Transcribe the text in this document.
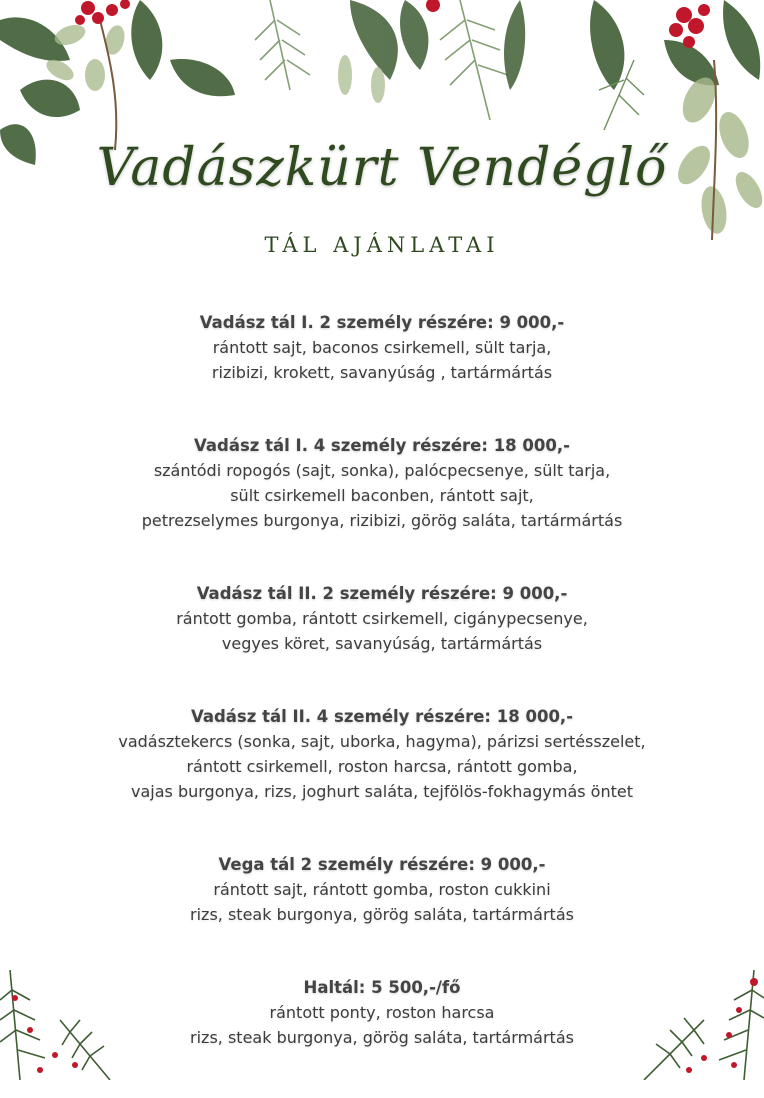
Vadászkürt Vendéglő
TÁL AJÁNLATAI
Vadász tál I. 2 személy részére: 9 000,-
rántott sajt, baconos csirkemell, sült tarja,
rizibizi, krokett, savanyúság , tartármártás
Vadász tál I. 4 személy részére: 18 000,-
szántódi ropogós (sajt, sonka), palócpecsenye, sült tarja,
sült csirkemell baconben, rántott sajt,
petrezselymes burgonya, rizibizi, görög saláta, tartármártás
Vadász tál II. 2 személy részére: 9 000,-
rántott gomba, rántott csirkemell, cigánypecsenye,
vegyes köret, savanyúság, tartármártás
Vadász tál II. 4 személy részére: 18 000,-
vadásztekercs (sonka, sajt, uborka, hagyma), párizsi sertésszelet,
rántott csirkemell, roston harcsa, rántott gomba,
vajas burgonya, rizs, joghurt saláta, tejfölös-fokhagymás öntet
Vega tál 2 személy részére: 9 000,-
rántott sajt, rántott gomba, roston cukkini
rizs, steak burgonya, görög saláta, tartármártás
Haltál: 5 500,-/fő
rántott ponty, roston harcsa
rizs, steak burgonya, görög saláta, tartármártás
